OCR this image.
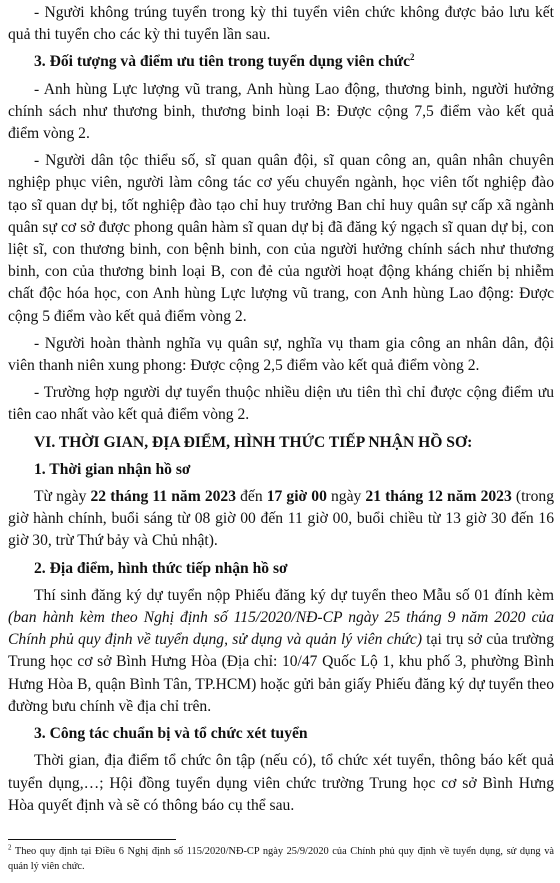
- Người không trúng tuyển trong kỳ thi tuyển viên chức không được bảo lưu kết quả thi tuyển cho các kỳ thi tuyển lần sau.

3. Đối tượng và điểm ưu tiên trong tuyển dụng viên chức$^2$

- Anh hùng Lực lượng vũ trang, Anh hùng Lao động, thương binh, người hưởng chính sách như thương binh, thương binh loại B: Được cộng 7,5 điểm vào kết quả điểm vòng 2.

- Người dân tộc thiểu số, sĩ quan quân đội, sĩ quan công an, quân nhân chuyên nghiệp phục viên, người làm công tác cơ yếu chuyển ngành, học viên tốt nghiệp đào tạo sĩ quan dự bị, tốt nghiệp đào tạo chỉ huy trưởng Ban chỉ huy quân sự cấp xã ngành quân sự cơ sở được phong quân hàm sĩ quan dự bị đã đăng ký ngạch sĩ quan dự bị, con liệt sĩ, con thương binh, con bệnh binh, con của người hưởng chính sách như thương binh, con của thương binh loại B, con đẻ của người hoạt động kháng chiến bị nhiễm chất độc hóa học, con Anh hùng Lực lượng vũ trang, con Anh hùng Lao động: Được cộng 5 điểm vào kết quả điểm vòng 2.

- Người hoàn thành nghĩa vụ quân sự, nghĩa vụ tham gia công an nhân dân, đội viên thanh niên xung phong: Được cộng 2,5 điểm vào kết quả điểm vòng 2.

- Trường hợp người dự tuyển thuộc nhiều diện ưu tiên thì chỉ được cộng điểm ưu tiên cao nhất vào kết quả điểm vòng 2.

VI. THỜI GIAN, ĐỊA ĐIỂM, HÌNH THỨC TIẾP NHẬN HỒ SƠ:

1. Thời gian nhận hồ sơ

Từ ngày 22 tháng 11 năm 2023 đến 17 giờ 00 ngày 21 tháng 12 năm 2023 (trong giờ hành chính, buổi sáng từ 08 giờ 00 đến 11 giờ 00, buổi chiều từ 13 giờ 30 đến 16 giờ 30, trừ Thứ bảy và Chủ nhật).

2. Địa điểm, hình thức tiếp nhận hồ sơ

Thí sinh đăng ký dự tuyển nộp Phiếu đăng ký dự tuyển theo Mẫu số 01 đính kèm (ban hành kèm theo Nghị định số 115/2020/NĐ-CP ngày 25 tháng 9 năm 2020 của Chính phủ quy định về tuyển dụng, sử dụng và quản lý viên chức) tại trụ sở của trường Trung học cơ sở Bình Hưng Hòa (Địa chỉ: 10/47 Quốc Lộ 1, khu phố 3, phường Bình Hưng Hòa B, quận Bình Tân, TP.HCM) hoặc gửi bản giấy Phiếu đăng ký dự tuyển theo đường bưu chính về địa chỉ trên.

3. Công tác chuẩn bị và tổ chức xét tuyển

Thời gian, địa điểm tổ chức ôn tập (nếu có), tổ chức xét tuyển, thông báo kết quả tuyển dụng,…; Hội đồng tuyển dụng viên chức trường Trung học cơ sở Bình Hưng Hòa quyết định và sẽ có thông báo cụ thể sau.

$^2$ Theo quy định tại Điều 6 Nghị định số 115/2020/NĐ-CP ngày 25/9/2020 của Chính phủ quy định về tuyển dụng, sử dụng và quản lý viên chức.
